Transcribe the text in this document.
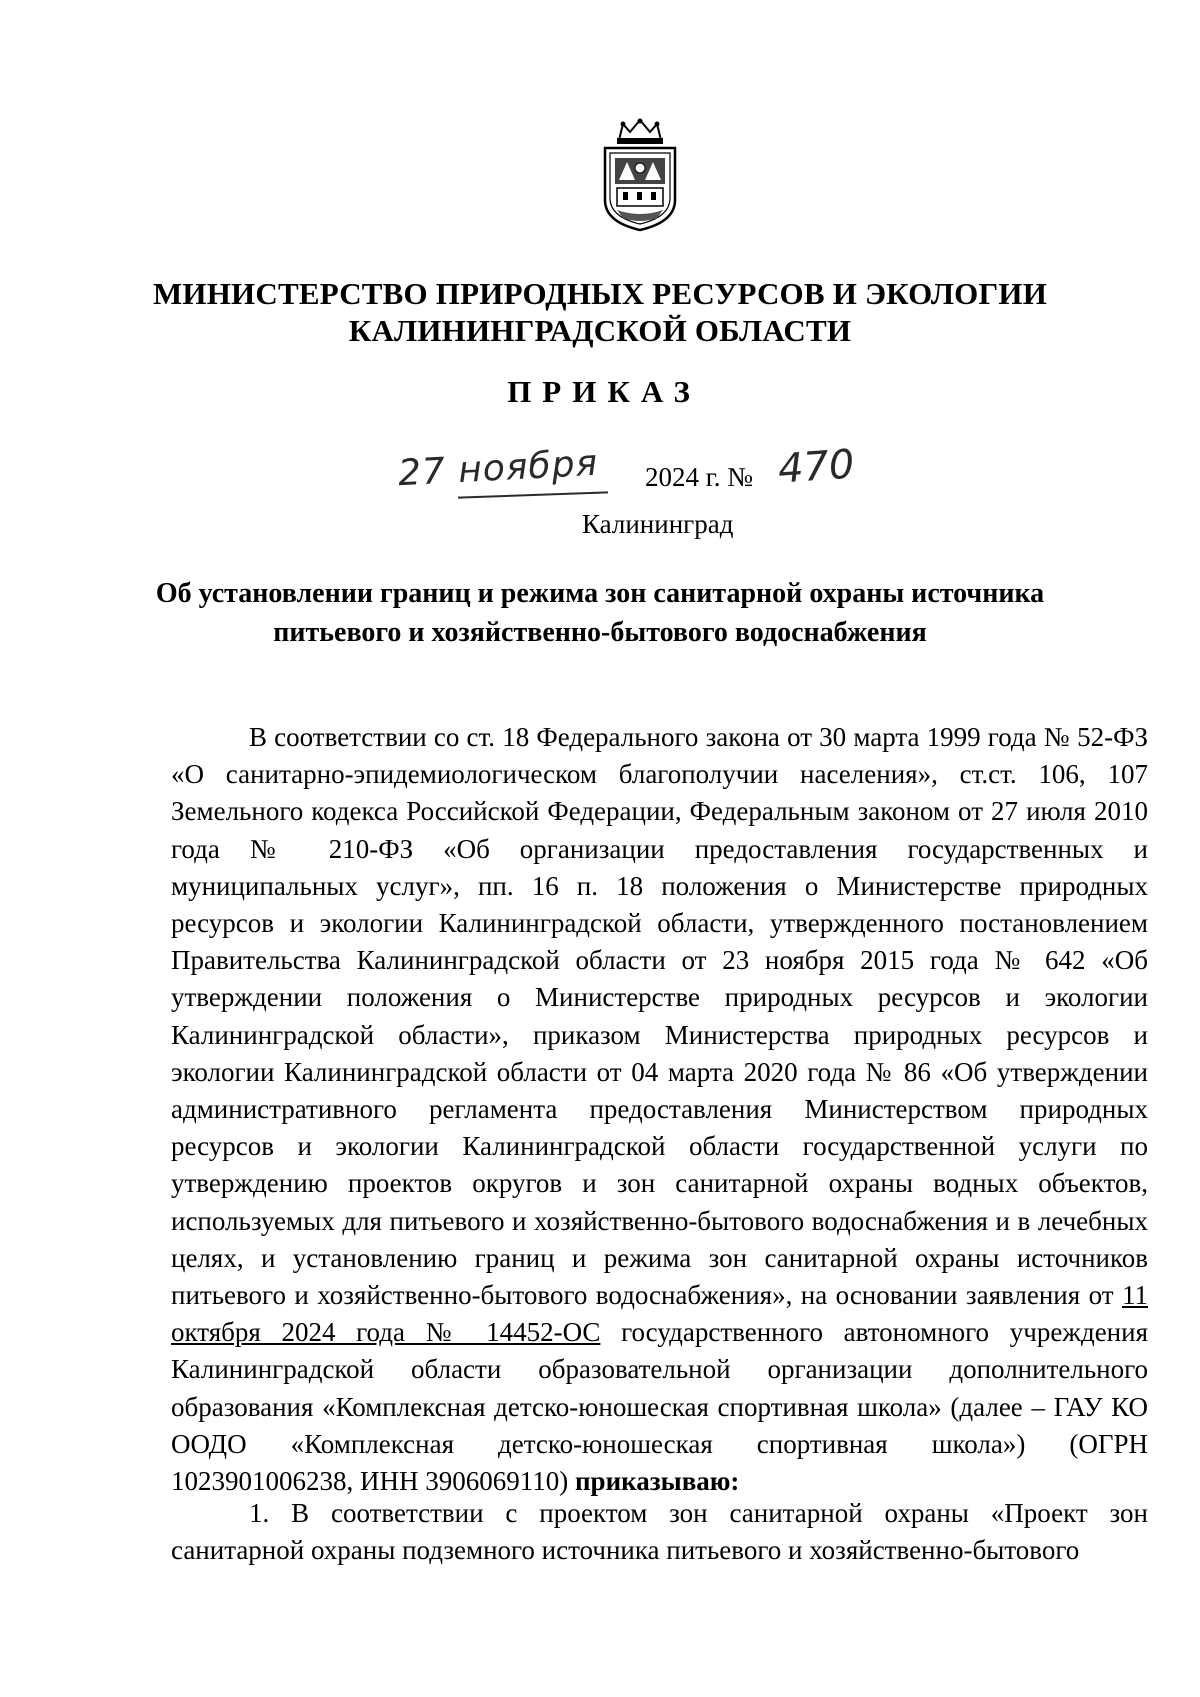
МИНИСТЕРСТВО ПРИРОДНЫХ РЕСУРСОВ И ЭКОЛОГИИ
КАЛИНИНГРАДСКОЙ ОБЛАСТИ
ПРИКАЗ
27 ноября 2024 г. № 470
Калининград
Об установлении границ и режима зон санитарной охраны источника
питьевого и хозяйственно-бытового водоснабжения
В соответствии со ст. 18 Федерального закона от 30 марта 1999 года № 52-ФЗ «О санитарно-эпидемиологическом благополучии населения», ст.ст. 106, 107 Земельного кодекса Российской Федерации, Федеральным законом от 27 июля 2010 года № 210-ФЗ «Об организации предоставления государственных и муниципальных услуг», пп. 16 п. 18 положения о Министерстве природных ресурсов и экологии Калининградской области, утвержденного постановлением Правительства Калининградской области от 23 ноября 2015 года № 642 «Об утверждении положения о Министерстве природных ресурсов и экологии Калининградской области», приказом Министерства природных ресурсов и экологии Калининградской области от 04 марта 2020 года № 86 «Об утверждении административного регламента предоставления Министерством природных ресурсов и экологии Калининградской области государственной услуги по утверждению проектов округов и зон санитарной охраны водных объектов, используемых для питьевого и хозяйственно-бытового водоснабжения и в лечебных целях, и установлению границ и режима зон санитарной охраны источников питьевого и хозяйственно-бытового водоснабжения», на основании заявления от 11 октября 2024 года № 14452-ОС государственного автономного учреждения Калининградской области образовательной организации дополнительного образования «Комплексная детско-юношеская спортивная школа» (далее – ГАУ КО ООДО «Комплексная детско-юношеская спортивная школа») (ОГРН 1023901006238, ИНН 3906069110) приказываю:
1. В соответствии с проектом зон санитарной охраны «Проект зон санитарной охраны подземного источника питьевого и хозяйственно-бытового
